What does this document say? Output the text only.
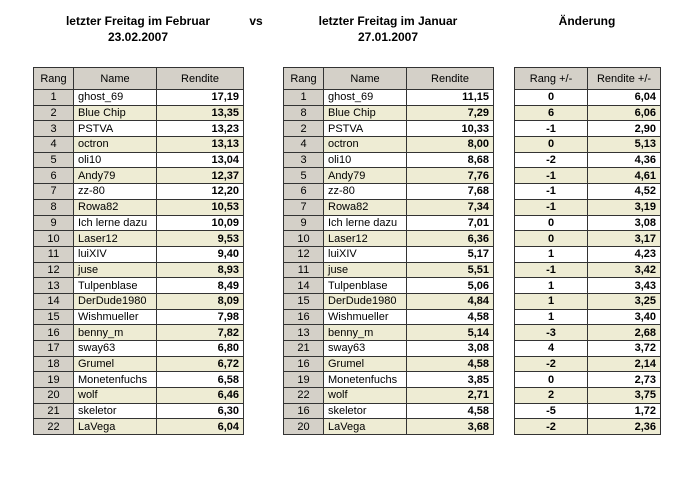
letzter Freitag im Februar
23.02.2007
vs	letzter Freitag im Januar
27.01.2007
Änderung
Rang	Name	Rendite
1	ghost_69	17,19
2	Blue Chip	13,35
3	PSTVA	13,23
4	octron	13,13
5	oli10	13,04
6	Andy79	12,37
7	zz-80	12,20
8	Rowa82	10,53
9	Ich lerne dazu	10,09
10	Laser12	9,53
11	luiXIV	9,40
12	juse	8,93
13	Tulpenblase	8,49
14	DerDude1980	8,09
15	Wishmueller	7,98
16	benny_m	7,82
17	sway63	6,80
18	Grumel	6,72
19	Monetenfuchs	6,58
20	wolf	6,46
21	skeletor	6,30
22	LaVega	6,04
Rang	Name	Rendite
1	ghost_69	11,15
8	Blue Chip	7,29
2	PSTVA	10,33
4	octron	8,00
3	oli10	8,68
5	Andy79	7,76
6	zz-80	7,68
7	Rowa82	7,34
9	Ich lerne dazu	7,01
10	Laser12	6,36
12	luiXIV	5,17
11	juse	5,51
14	Tulpenblase	5,06
15	DerDude1980	4,84
16	Wishmueller	4,58
13	benny_m	5,14
21	sway63	3,08
16	Grumel	4,58
19	Monetenfuchs	3,85
22	wolf	2,71
16	skeletor	4,58
20	LaVega	3,68
Rang +/-	Rendite +/-
0	6,04
6	6,06
-1	2,90
0	5,13
-2	4,36
-1	4,61
-1	4,52
-1	3,19
0	3,08
0	3,17
1	4,23
-1	3,42
1	3,43
1	3,25
1	3,40
-3	2,68
4	3,72
-2	2,14
0	2,73
2	3,75
-5	1,72
-2	2,36
